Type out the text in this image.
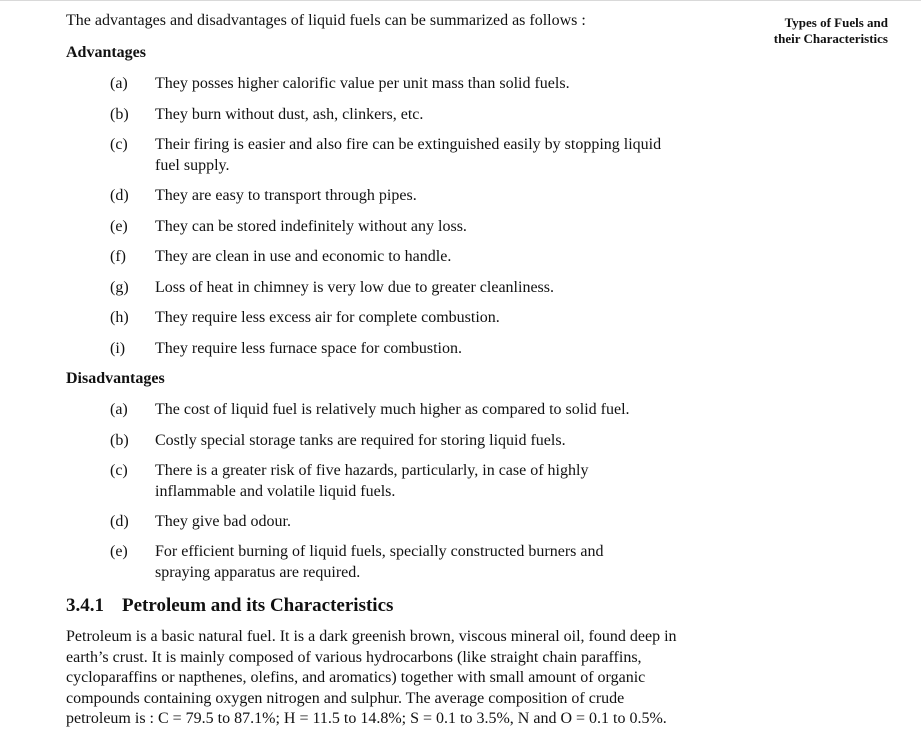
Types of Fuels and
their Characteristics
The advantages and disadvantages of liquid fuels can be summarized as follows :
Advantages
(a)	They posses higher calorific value per unit mass than solid fuels.
(b)	They burn without dust, ash, clinkers, etc.
(c)	Their firing is easier and also fire can be extinguished easily by stopping liquid fuel supply.
(d)	They are easy to transport through pipes.
(e)	They can be stored indefinitely without any loss.
(f)	They are clean in use and economic to handle.
(g)	Loss of heat in chimney is very low due to greater cleanliness.
(h)	They require less excess air for complete combustion.
(i)	They require less furnace space for combustion.
Disadvantages
(a)	The cost of liquid fuel is relatively much higher as compared to solid fuel.
(b)	Costly special storage tanks are required for storing liquid fuels.
(c)	There is a greater risk of five hazards, particularly, in case of highly inflammable and volatile liquid fuels.
(d)	They give bad odour.
(e)	For efficient burning of liquid fuels, specially constructed burners and spraying apparatus are required.
3.4.1 Petroleum and its Characteristics
Petroleum is a basic natural fuel. It is a dark greenish brown, viscous mineral oil, found deep in earth’s crust. It is mainly composed of various hydrocarbons (like straight chain paraffins, cycloparaffins or napthenes, olefins, and aromatics) together with small amount of organic compounds containing oxygen nitrogen and sulphur. The average composition of crude petroleum is : C = 79.5 to 87.1%; H = 11.5 to 14.8%; S = 0.1 to 3.5%, N and O = 0.1 to 0.5%.
